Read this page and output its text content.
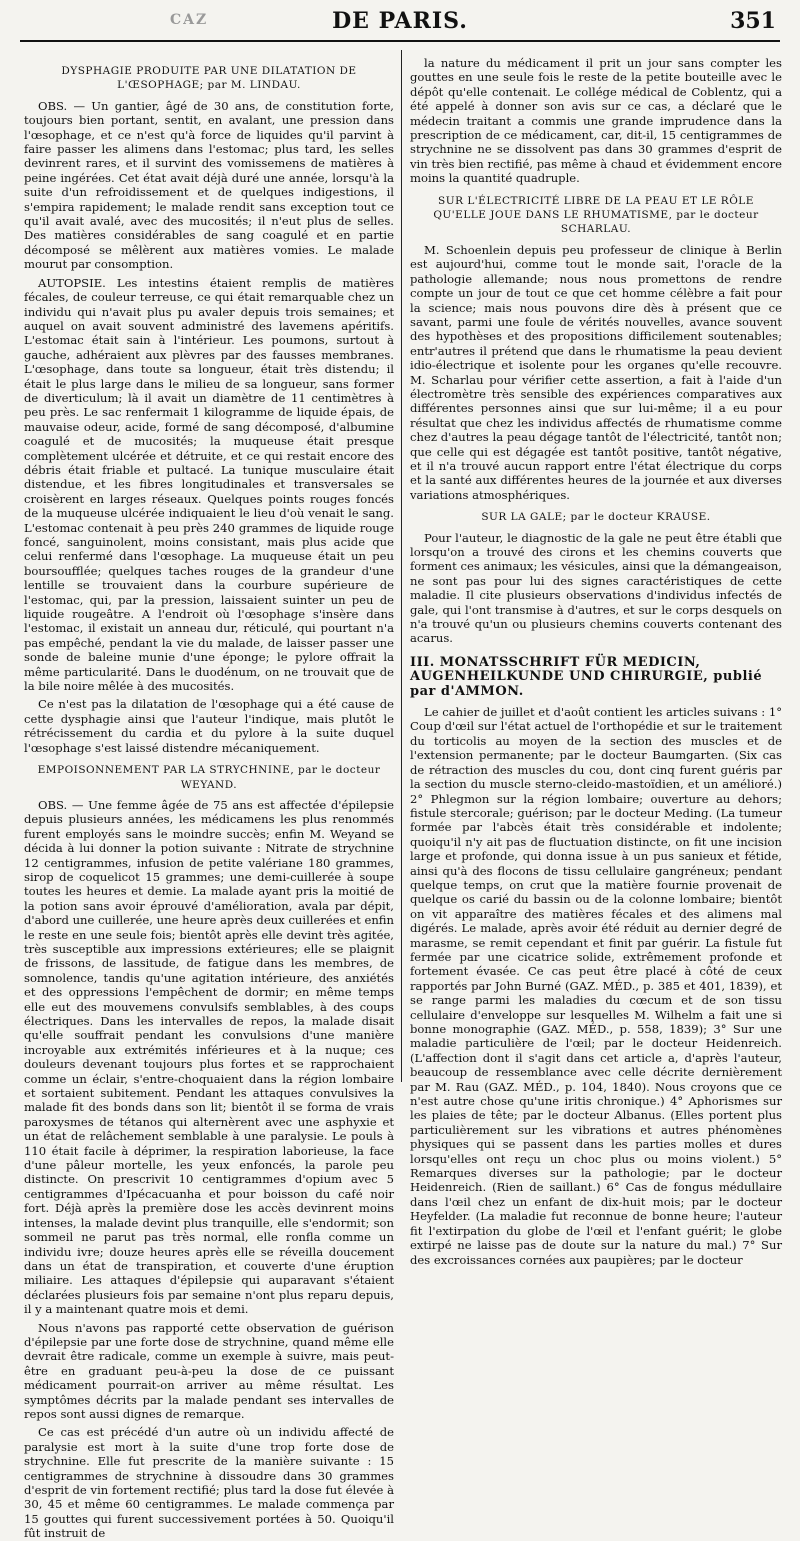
CAZ	DE PARIS.	351
DYSPHAGIE PRODUITE PAR UNE DILATATION DE L'ŒSOPHAGE; par M. LINDAU.

OBS. — Un gantier, âgé de 30 ans, de constitution forte, toujours bien portant, sentit, en avalant, une pression dans l'œsophage, et ce n'est qu'à force de liquides qu'il parvint à faire passer les alimens dans l'estomac; plus tard, les selles devinrent rares, et il survint des vomissemens de matières à peine ingérées. Cet état avait déjà duré une année, lorsqu'à la suite d'un refroidissement et de quelques indigestions, il s'empira rapidement; le malade rendit sans exception tout ce qu'il avait avalé, avec des mucosités; il n'eut plus de selles. Des matières considérables de sang coagulé et en partie décomposé se mêlèrent aux matières vomies. Le malade mourut par consomption.

AUTOPSIE. Les intestins étaient remplis de matières fécales, de couleur terreuse, ce qui était remarquable chez un individu qui n'avait plus pu avaler depuis trois semaines; et auquel on avait souvent administré des lavemens apéritifs. L'estomac était sain à l'intérieur. Les poumons, surtout à gauche, adhéraient aux plèvres par des fausses membranes. L'œsophage, dans toute sa longueur, était très distendu; il était le plus large dans le milieu de sa longueur, sans former de diverticulum; là il avait un diamètre de 11 centimètres à peu près. Le sac renfermait 1 kilogramme de liquide épais, de mauvaise odeur, acide, formé de sang décomposé, d'albumine coagulé et de mucosités; la muqueuse était presque complètement ulcérée et détruite, et ce qui restait encore des débris était friable et pultacé. La tunique musculaire était distendue, et les fibres longitudinales et transversales se croisèrent en larges réseaux. Quelques points rouges foncés de la muqueuse ulcérée indiquaient le lieu d'où venait le sang. L'estomac contenait à peu près 240 grammes de liquide rouge foncé, sanguinolent, moins consistant, mais plus acide que celui renfermé dans l'œsophage. La muqueuse était un peu boursoufflée; quelques taches rouges de la grandeur d'une lentille se trouvaient dans la courbure supérieure de l'estomac, qui, par la pression, laissaient suinter un peu de liquide rougeâtre. A l'endroit où l'œsophage s'insère dans l'estomac, il existait un anneau dur, réticulé, qui pourtant n'a pas empêché, pendant la vie du malade, de laisser passer une sonde de baleine munie d'une éponge; le pylore offrait la même particularité. Dans le duodénum, on ne trouvait que de la bile noire mêlée à des mucosités.

Ce n'est pas la dilatation de l'œsophage qui a été cause de cette dysphagie ainsi que l'auteur l'indique, mais plutôt le rétrécissement du cardia et du pylore à la suite duquel l'œsophage s'est laissé distendre mécaniquement.

EMPOISONNEMENT PAR LA STRYCHNINE, par le docteur WEYAND.

OBS. — Une femme âgée de 75 ans est affectée d'épilepsie depuis plusieurs années, les médicamens les plus renommés furent employés sans le moindre succès; enfin M. Weyand se décida à lui donner la potion suivante : Nitrate de strychnine 12 centigrammes, infusion de petite valériane 180 grammes, sirop de coquelicot 15 grammes; une demi-cuillerée à soupe toutes les heures et demie. La malade ayant pris la moitié de la potion sans avoir éprouvé d'amélioration, avala par dépit, d'abord une cuillerée, une heure après deux cuillerées et enfin le reste en une seule fois; bientôt après elle devint très agitée, très susceptible aux impressions extérieures; elle se plaignit de frissons, de lassitude, de fatigue dans les membres, de somnolence, tandis qu'une agitation intérieure, des anxiétés et des oppressions l'empêchent de dormir; en même temps elle eut des mouvemens convulsifs semblables, à des coups électriques. Dans les intervalles de repos, la malade disait qu'elle souffrait pendant les convulsions d'une manière incroyable aux extrémités inférieures et à la nuque; ces douleurs devenant toujours plus fortes et se rapprochaient comme un éclair, s'entre-choquaient dans la région lombaire et sortaient subitement. Pendant les attaques convulsives la malade fit des bonds dans son lit; bientôt il se forma de vrais paroxysmes de tétanos qui alternèrent avec une asphyxie et un état de relâchement semblable à une paralysie. Le pouls à 110 était facile à déprimer, la respiration laborieuse, la face d'une pâleur mortelle, les yeux enfoncés, la parole peu distincte. On prescrivit 10 centigrammes d'opium avec 5 centigrammes d'Ipécacuanha et pour boisson du café noir fort. Déjà après la première dose les accès devinrent moins intenses, la malade devint plus tranquille, elle s'endormit; son sommeil ne parut pas très normal, elle ronfla comme un individu ivre; douze heures après elle se réveilla doucement dans un état de transpiration, et couverte d'une éruption miliaire. Les attaques d'épilepsie qui auparavant s'étaient déclarées plusieurs fois par semaine n'ont plus reparu depuis, il y a maintenant quatre mois et demi.

Nous n'avons pas rapporté cette observation de guérison d'épilepsie par une forte dose de strychnine, quand même elle devrait être radicale, comme un exemple à suivre, mais peut-être en graduant peu-à-peu la dose de ce puissant médicament pourrait-on arriver au même résultat. Les symptômes décrits par la malade pendant ses intervalles de repos sont aussi dignes de remarque.

Ce cas est précédé d'un autre où un individu affecté de paralysie est mort à la suite d'une trop forte dose de strychnine. Elle fut prescrite de la manière suivante : 15 centigrammes de strychnine à dissoudre dans 30 grammes d'esprit de vin fortement rectifié; plus tard la dose fut élevée à 30, 45 et même 60 centigrammes. Le malade commença par 15 gouttes qui furent successivement portées à 50. Quoiqu'il fût instruit de

la nature du médicament il prit un jour sans compter les gouttes en une seule fois le reste de la petite bouteille avec le dépôt qu'elle contenait. Le collége médical de Coblentz, qui a été appelé à donner son avis sur ce cas, a déclaré que le médecin traitant a commis une grande imprudence dans la prescription de ce médicament, car, dit-il, 15 centigrammes de strychnine ne se dissolvent pas dans 30 grammes d'esprit de vin très bien rectifié, pas même à chaud et évidemment encore moins la quantité quadruple.

SUR L'ÉLECTRICITÉ LIBRE DE LA PEAU ET LE RÔLE QU'ELLE JOUE DANS LE RHUMATISME, par le docteur SCHARLAU.

M. Schoenlein depuis peu professeur de clinique à Berlin est aujourd'hui, comme tout le monde sait, l'oracle de la pathologie allemande; nous nous promettons de rendre compte un jour de tout ce que cet homme célèbre a fait pour la science; mais nous pouvons dire dès à présent que ce savant, parmi une foule de vérités nouvelles, avance souvent des hypothèses et des propositions difficilement soutenables; entr'autres il prétend que dans le rhumatisme la peau devient idio-électrique et isolente pour les organes qu'elle recouvre. M. Scharlau pour vérifier cette assertion, a fait à l'aide d'un électromètre très sensible des expériences comparatives aux différentes personnes ainsi que sur lui-même; il a eu pour résultat que chez les individus affectés de rhumatisme comme chez d'autres la peau dégage tantôt de l'électricité, tantôt non; que celle qui est dégagée est tantôt positive, tantôt négative, et il n'a trouvé aucun rapport entre l'état électrique du corps et la santé aux différentes heures de la journée et aux diverses variations atmosphériques.

SUR LA GALE; par le docteur KRAUSE.

Pour l'auteur, le diagnostic de la gale ne peut être établi que lorsqu'on a trouvé des cirons et les chemins couverts que forment ces animaux; les vésicules, ainsi que la démangeaison, ne sont pas pour lui des signes caractéristiques de cette maladie. Il cite plusieurs observations d'individus infectés de gale, qui l'ont transmise à d'autres, et sur le corps desquels on n'a trouvé qu'un ou plusieurs chemins couverts contenant des acarus.

III. MONATSSCHRIFT FÜR MEDICIN, AUGENHEILKUNDE UND CHIRURGIE, publié par d'AMMON.

Le cahier de juillet et d'août contient les articles suivans : 1° Coup d'œil sur l'état actuel de l'orthopédie et sur le traitement du torticolis au moyen de la section des muscles et de l'extension permanente; par le docteur Baumgarten. (Six cas de rétraction des muscles du cou, dont cinq furent guéris par la section du muscle sterno-cleido-mastoïdien, et un amélioré.) 2° Phlegmon sur la région lombaire; ouverture au dehors; fistule stercorale; guérison; par le docteur Meding. (La tumeur formée par l'abcès était très considérable et indolente; quoiqu'il n'y ait pas de fluctuation distincte, on fit une incision large et profonde, qui donna issue à un pus sanieux et fétide, ainsi qu'à des flocons de tissu cellulaire gangréneux; pendant quelque temps, on crut que la matière fournie provenait de quelque os carié du bassin ou de la colonne lombaire; bientôt on vit apparaître des matières fécales et des alimens mal digérés. Le malade, après avoir été réduit au dernier degré de marasme, se remit cependant et finit par guérir. La fistule fut fermée par une cicatrice solide, extrêmement profonde et fortement évasée. Ce cas peut être placé à côté de ceux rapportés par John Burné (GAZ. MÉD., p. 385 et 401, 1839), et se range parmi les maladies du cœcum et de son tissu cellulaire d'enveloppe sur lesquelles M. Wilhelm a fait une si bonne monographie (GAZ. MÉD., p. 558, 1839); 3° Sur une maladie particulière de l'œil; par le docteur Heidenreich. (L'affection dont il s'agit dans cet article a, d'après l'auteur, beaucoup de ressemblance avec celle décrite dernièrement par M. Rau (GAZ. MÉD., p. 104, 1840). Nous croyons que ce n'est autre chose qu'une iritis chronique.) 4° Aphorismes sur les plaies de tête; par le docteur Albanus. (Elles portent plus particulièrement sur les vibrations et autres phénomènes physiques qui se passent dans les parties molles et dures lorsqu'elles ont reçu un choc plus ou moins violent.) 5° Remarques diverses sur la pathologie; par le docteur Heidenreich. (Rien de saillant.) 6° Cas de fongus médullaire dans l'œil chez un enfant de dix-huit mois; par le docteur Heyfelder. (La maladie fut reconnue de bonne heure; l'auteur fit l'extirpation du globe de l'œil et l'enfant guérit; le globe extirpé ne laisse pas de doute sur la nature du mal.) 7° Sur des excroissances cornées aux paupières; par le docteur
